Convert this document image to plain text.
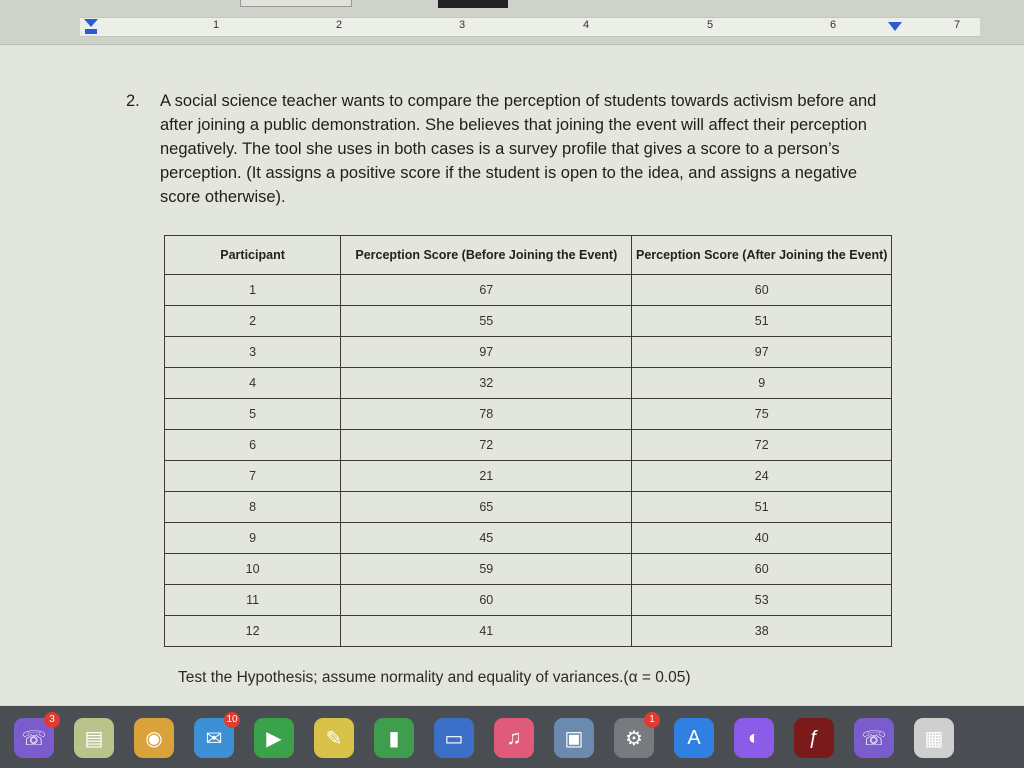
1	2	3	4	5	6	7
2. A social science teacher wants to compare the perception of students towards activism before and after joining a public demonstration. She believes that joining the event will affect their perception negatively. The tool she uses in both cases is a survey profile that gives a score to a person’s perception. (It assigns a positive score if the student is open to the idea, and assigns a negative score otherwise).
Participant	Perception Score (Before Joining the Event)	Perception Score (After Joining the Event)
1	67	60
2	55	51
3	97	97
4	32	9
5	78	75
6	72	72
7	21	24
8	65	51
9	45	40
10	59	60
11	60	53
12	41	38
Test the Hypothesis; assume normality and equality of variances.(α = 0.05)
☏
3
▤ ◉ ✉
10
▶ ✎ ▮ ▭ ♫ ▣ ⚙
1
A ◐ ƒ ☏ ▦
